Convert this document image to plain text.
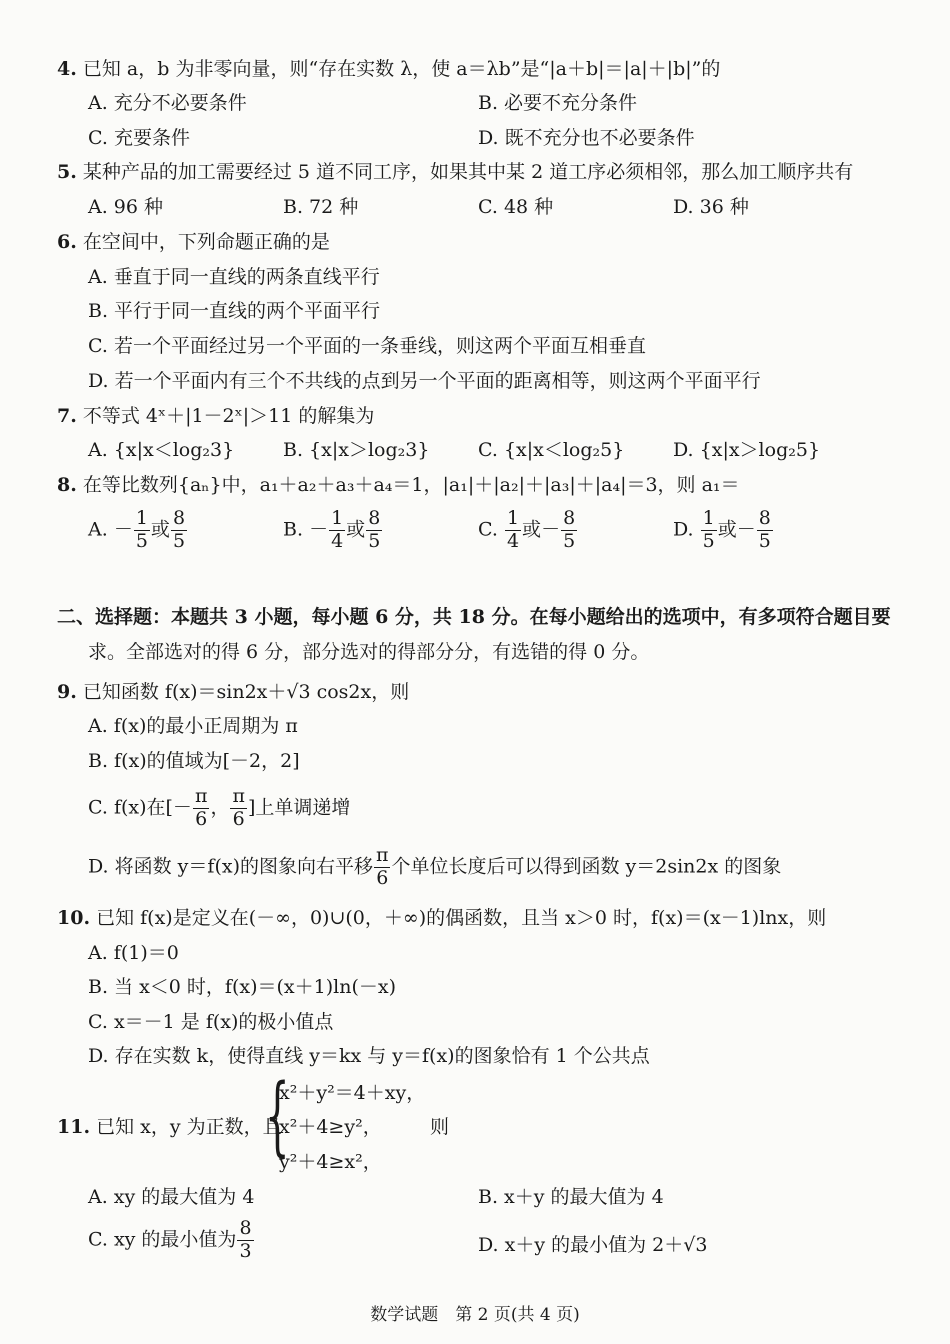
4. 已知 a，b 为非零向量，则“存在实数 λ，使 a＝λb”是“|a＋b|＝|a|＋|b|”的
A. 充分不必要条件	B. 必要不充分条件
C. 充要条件	D. 既不充分也不必要条件
5. 某种产品的加工需要经过 5 道不同工序，如果其中某 2 道工序必须相邻，那么加工顺序共有
A. 96 种	B. 72 种	C. 48 种	D. 36 种
6. 在空间中，下列命题正确的是
A. 垂直于同一直线的两条直线平行
B. 平行于同一直线的两个平面平行
C. 若一个平面经过另一个平面的一条垂线，则这两个平面互相垂直
D. 若一个平面内有三个不共线的点到另一个平面的距离相等，则这两个平面平行
7. 不等式 4ˣ＋|1－2ˣ|＞11 的解集为
A. {x|x＜log₂3}	B. {x|x＞log₂3}	C. {x|x＜log₂5}	D. {x|x＞log₂5}
8. 在等比数列{aₙ}中，a₁＋a₂＋a₃＋a₄＝1，|a₁|＋|a₂|＋|a₃|＋|a₄|＝3，则 a₁＝
A. － $\frac{1}{5}$ 或 $\frac{8}{5}$	B. － $\frac{1}{4}$ 或 $\frac{8}{5}$	C. $\frac{1}{4}$ 或－ $\frac{8}{5}$	D. $\frac{1}{5}$ 或－ $\frac{8}{5}$
二、选择题：本题共 3 小题，每小题 6 分，共 18 分。在每小题给出的选项中，有多项符合题目要
求。全部选对的得 6 分，部分选对的得部分分，有选错的得 0 分。
9. 已知函数 f(x)＝sin2x＋√3 cos2x，则
A. f(x)的最小正周期为 π
B. f(x)的值域为[－2，2]
C. f(x)在[－ $\frac{\pi}{6}$ ， $\frac{\pi}{6}$ ]上单调递增
D. 将函数 y＝f(x)的图象向右平移 $\frac{\pi}{6}$ 个单位长度后可以得到函数 y＝2sin2x 的图象
10. 已知 f(x)是定义在(－∞，0)∪(0，＋∞)的偶函数，且当 x＞0 时，f(x)＝(x－1)lnx，则
A. f(1)＝0
B. 当 x＜0 时，f(x)＝(x＋1)ln(－x)
C. x＝－1 是 f(x)的极小值点
D. 存在实数 k，使得直线 y＝kx 与 y＝f(x)的图象恰有 1 个公共点
11. 已知 x，y 为正数，且
{
x²＋y²＝4＋xy，
x²＋4≥y²，
y²＋4≥x²，
则
A. xy 的最大值为 4	B. x＋y 的最大值为 4
C. xy 的最小值为 $\frac{8}{3}$	D. x＋y 的最小值为 2＋√3
数学试题　第 2 页(共 4 页)
